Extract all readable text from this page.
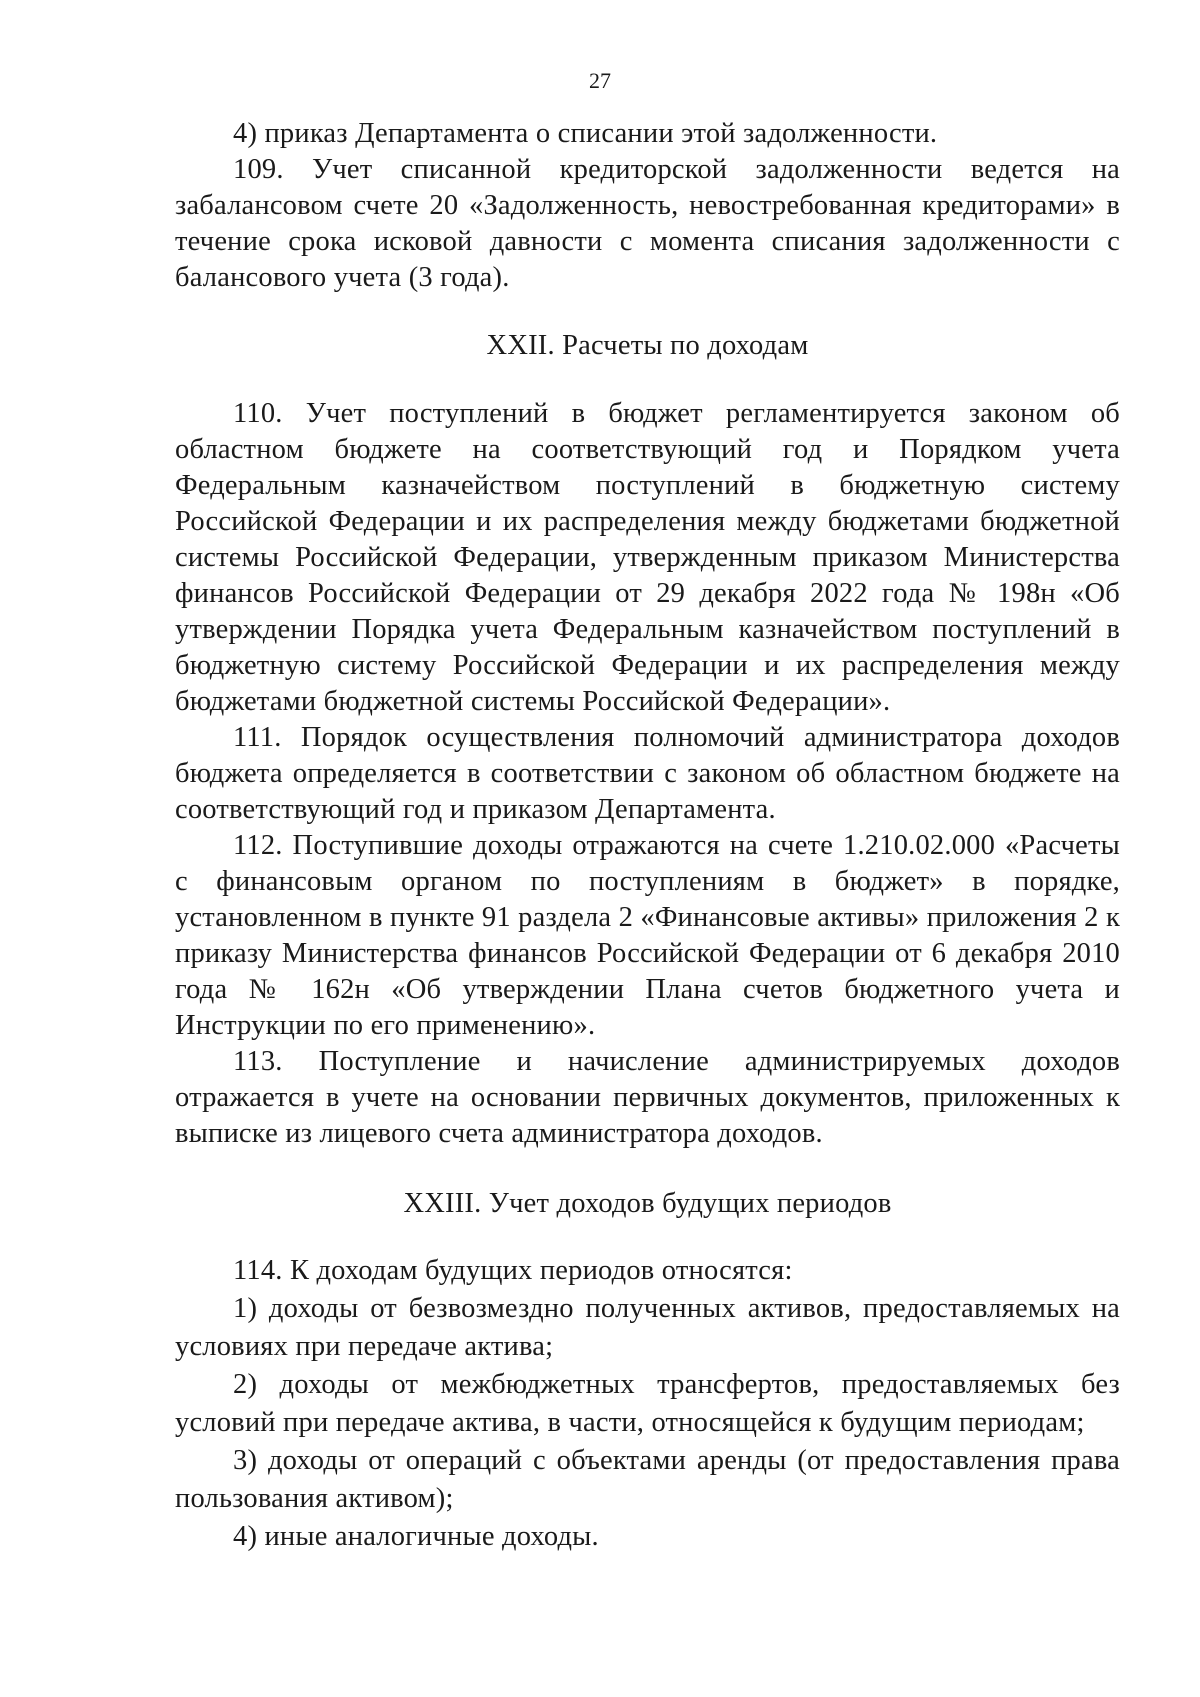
27

4) приказ Департамента о списании этой задолженности.

109. Учет списанной кредиторской задолженности ведется на забалансовом счете 20 «Задолженность, невостребованная кредиторами» в течение срока исковой давности с момента списания задолженности с балансового учета (3 года).

XXII. Расчеты по доходам

110. Учет поступлений в бюджет регламентируется законом об областном бюджете на соответствующий год и Порядком учета Федеральным казначейством поступлений в бюджетную систему Российской Федерации и их распределения между бюджетами бюджетной системы Российской Федерации, утвержденным приказом Министерства финансов Российской Федерации от 29 декабря 2022 года № 198н «Об утверждении Порядка учета Федеральным казначейством поступлений в бюджетную систему Российской Федерации и их распределения между бюджетами бюджетной системы Российской Федерации».

111. Порядок осуществления полномочий администратора доходов бюджета определяется в соответствии с законом об областном бюджете на соответствующий год и приказом Департамента.

112. Поступившие доходы отражаются на счете 1.210.02.000 «Расчеты с финансовым органом по поступлениям в бюджет» в порядке, установленном в пункте 91 раздела 2 «Финансовые активы» приложения 2 к приказу Министерства финансов Российской Федерации от 6 декабря 2010 года № 162н «Об утверждении Плана счетов бюджетного учета и Инструкции по его применению».

113. Поступление и начисление администрируемых доходов отражается в учете на основании первичных документов, приложенных к выписке из лицевого счета администратора доходов.

XXIII. Учет доходов будущих периодов

114. К доходам будущих периодов относятся:

1) доходы от безвозмездно полученных активов, предоставляемых на условиях при передаче актива;

2) доходы от межбюджетных трансфертов, предоставляемых без условий при передаче актива, в части, относящейся к будущим периодам;

3) доходы от операций с объектами аренды (от предоставления права пользования активом);

4) иные аналогичные доходы.
